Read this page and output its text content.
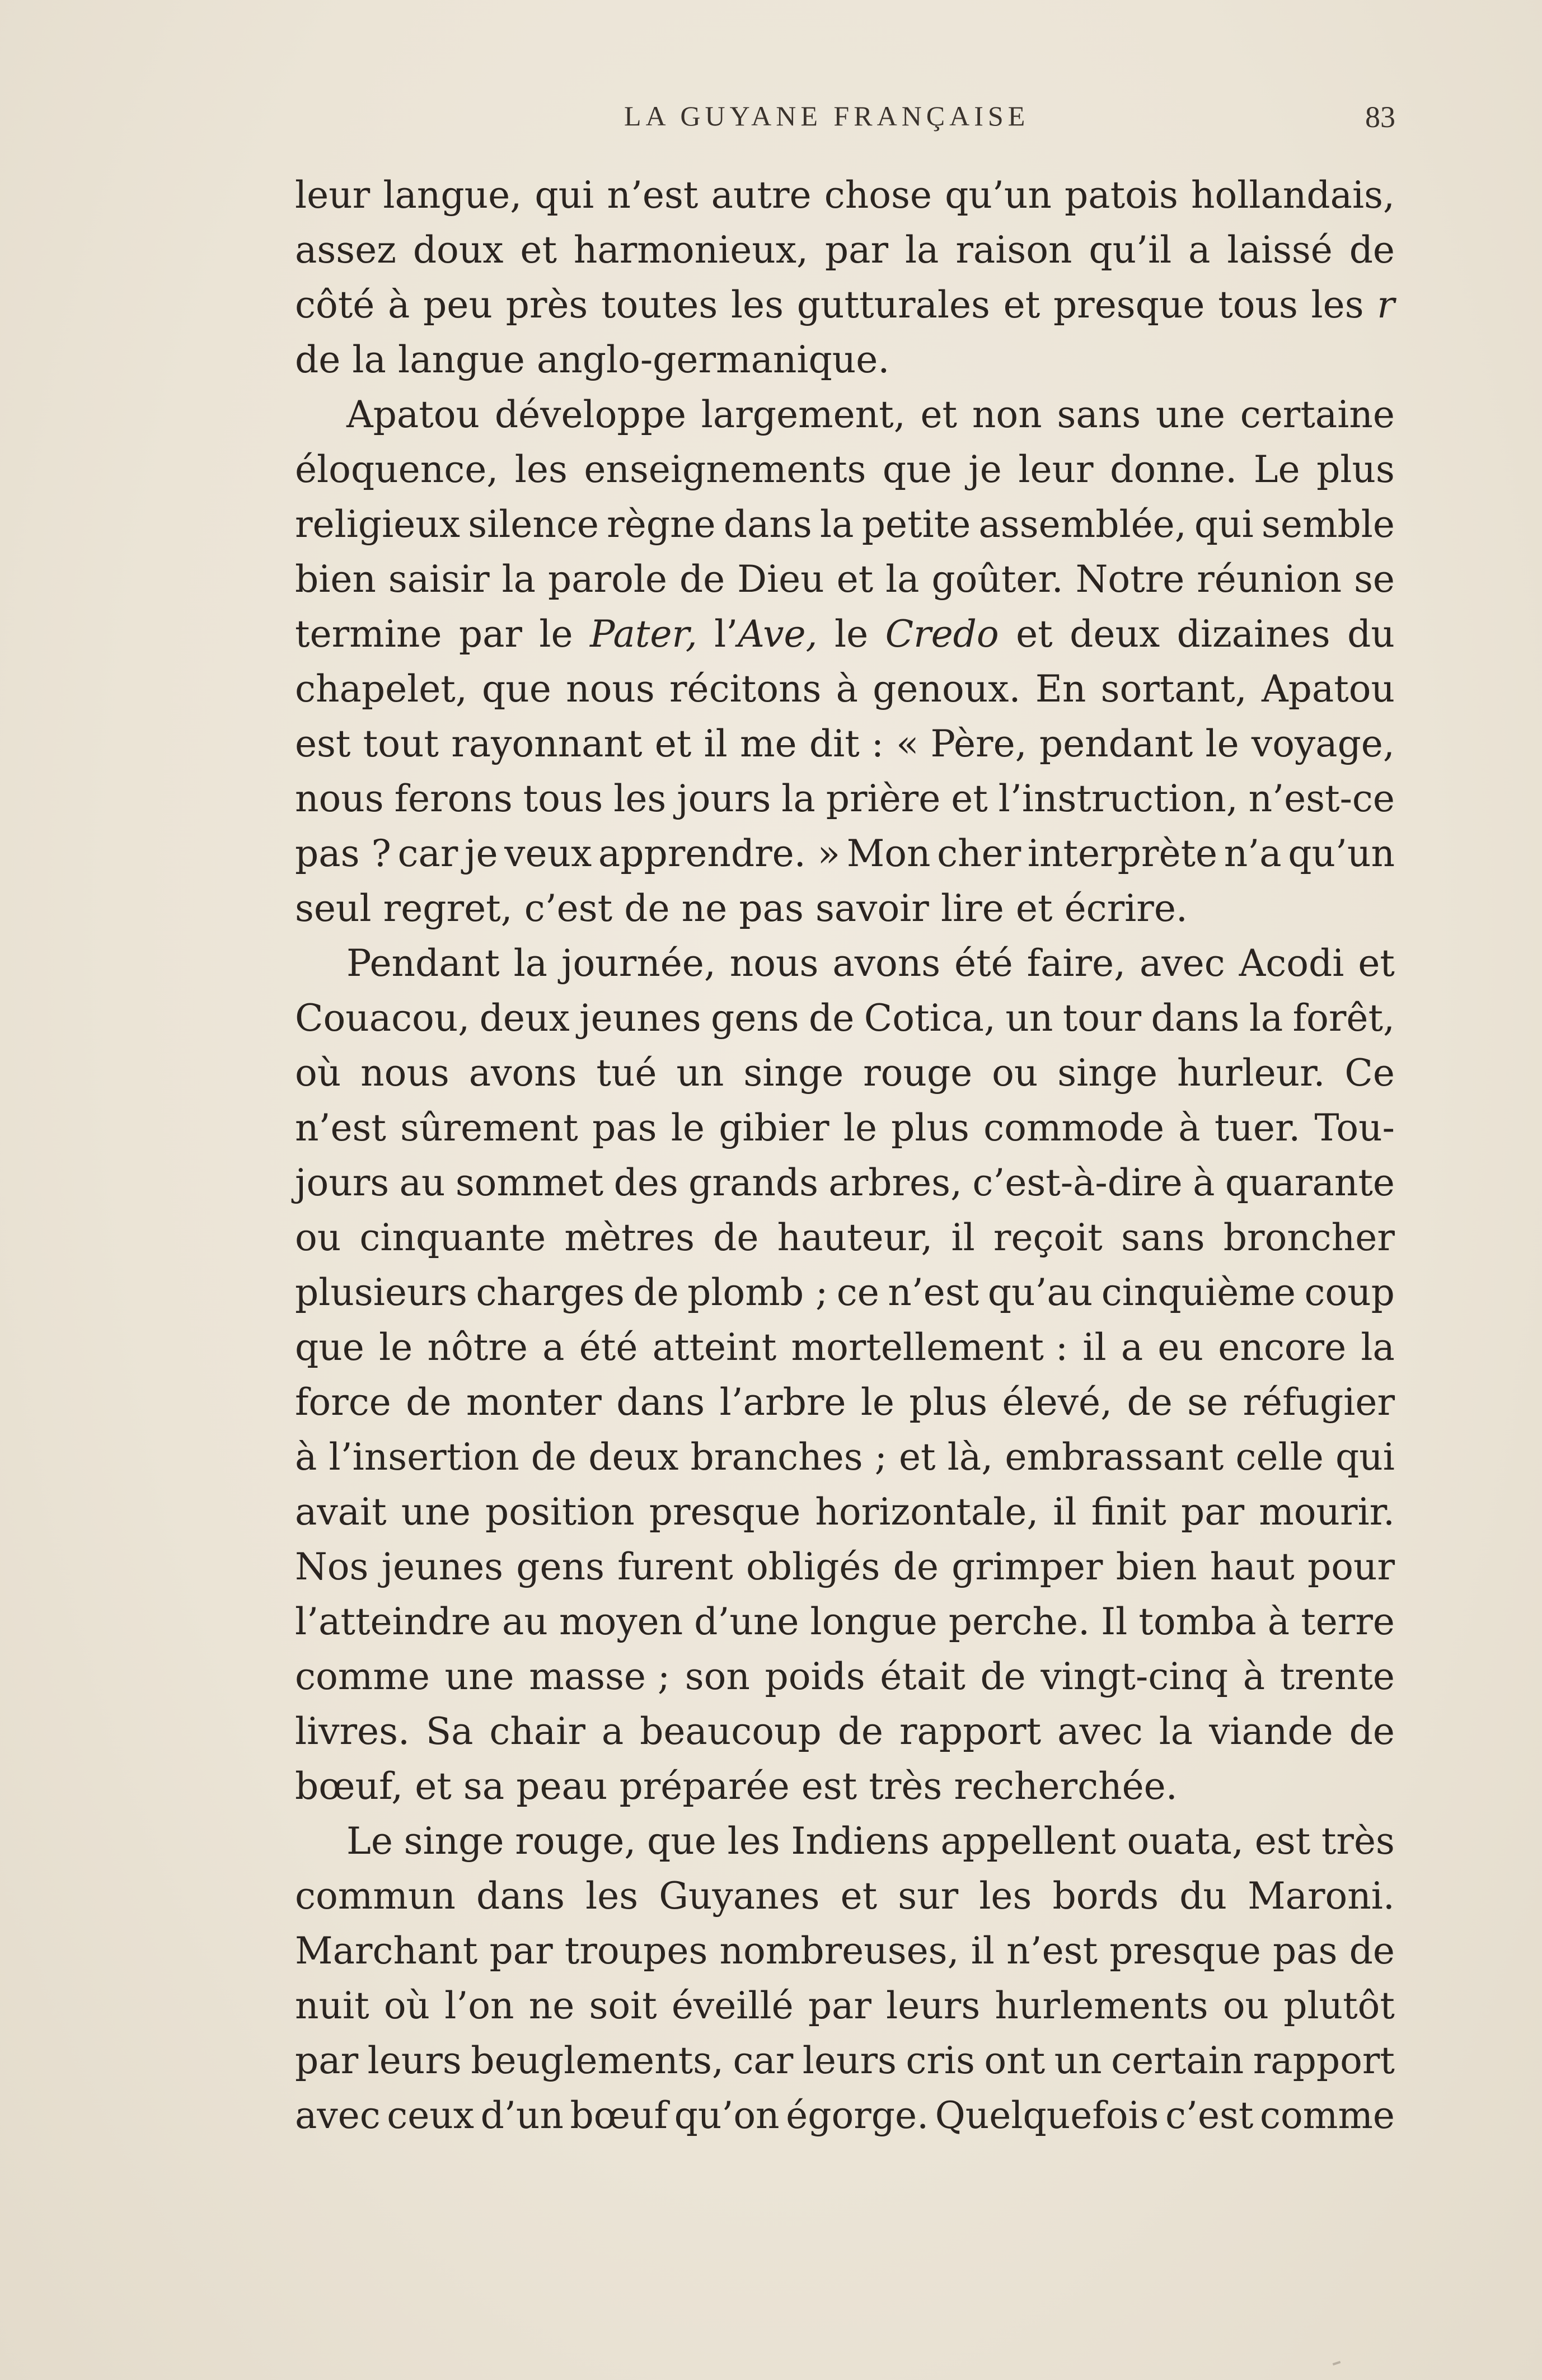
LA GUYANE FRANÇAISE	83
leur langue, qui n’est autre chose qu’un patois hollandais,
assez doux et harmonieux, par la raison qu’il a laissé de
côté à peu près toutes les gutturales et presque tous les r
de la langue anglo-germanique.
Apatou développe largement, et non sans une certaine
éloquence, les enseignements que je leur donne. Le plus
religieux silence règne dans la petite assemblée, qui semble
bien saisir la parole de Dieu et la goûter. Notre réunion se
termine par le Pater, l’Ave, le Credo et deux dizaines du
chapelet, que nous récitons à genoux. En sortant, Apatou
est tout rayonnant et il me dit : « Père, pendant le voyage,
nous ferons tous les jours la prière et l’instruction, n’est-ce
pas ? car je veux apprendre. » Mon cher interprète n’a qu’un
seul regret, c’est de ne pas savoir lire et écrire.
Pendant la journée, nous avons été faire, avec Acodi et
Couacou, deux jeunes gens de Cotica, un tour dans la forêt,
où nous avons tué un singe rouge ou singe hurleur. Ce
n’est sûrement pas le gibier le plus commode à tuer. Tou-
jours au sommet des grands arbres, c’est-à-dire à quarante
ou cinquante mètres de hauteur, il reçoit sans broncher
plusieurs charges de plomb ; ce n’est qu’au cinquième coup
que le nôtre a été atteint mortellement : il a eu encore la
force de monter dans l’arbre le plus élevé, de se réfugier
à l’insertion de deux branches ; et là, embrassant celle qui
avait une position presque horizontale, il finit par mourir.
Nos jeunes gens furent obligés de grimper bien haut pour
l’atteindre au moyen d’une longue perche. Il tomba à terre
comme une masse ; son poids était de vingt-cinq à trente
livres. Sa chair a beaucoup de rapport avec la viande de
bœuf, et sa peau préparée est très recherchée.
Le singe rouge, que les Indiens appellent ouata, est très
commun dans les Guyanes et sur les bords du Maroni.
Marchant par troupes nombreuses, il n’est presque pas de
nuit où l’on ne soit éveillé par leurs hurlements ou plutôt
par leurs beuglements, car leurs cris ont un certain rapport
avec ceux d’un bœuf qu’on égorge. Quelquefois c’est comme
